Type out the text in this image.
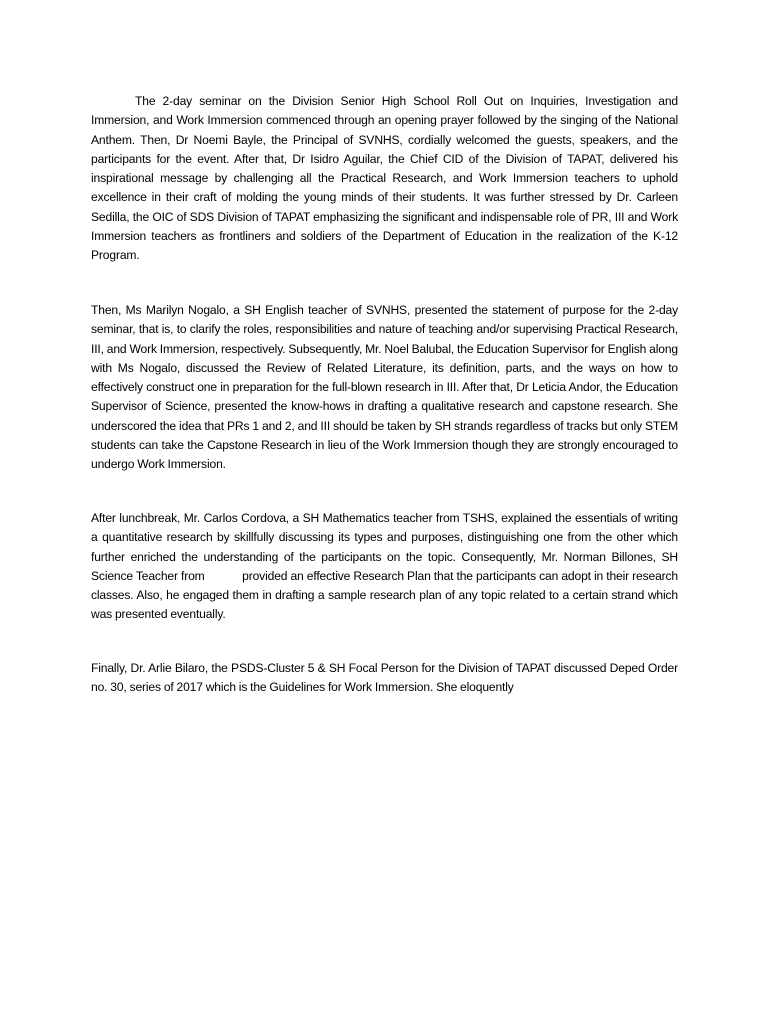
The 2-day seminar on the Division Senior High School Roll Out on Inquiries, Investigation and Immersion, and Work Immersion commenced through an opening prayer followed by the singing of the National Anthem. Then, Dr Noemi Bayle, the Principal of SVNHS, cordially welcomed the guests, speakers, and the participants for the event. After that, Dr Isidro Aguilar, the Chief CID of the Division of TAPAT, delivered his inspirational message by challenging all the Practical Research, and Work Immersion teachers to uphold excellence in their craft of molding the young minds of their students. It was further stressed by Dr. Carleen Sedilla, the OIC of SDS Division of TAPAT emphasizing the significant and indispensable role of PR, III and Work Immersion teachers as frontliners and soldiers of the Department of Education in the realization of the K-12 Program.

Then, Ms Marilyn Nogalo, a SH English teacher of SVNHS, presented the statement of purpose for the 2-day seminar, that is, to clarify the roles, responsibilities and nature of teaching and/or supervising Practical Research, III, and Work Immersion, respectively. Subsequently, Mr. Noel Balubal, the Education Supervisor for English along with Ms Nogalo, discussed the Review of Related Literature, its definition, parts, and the ways on how to effectively construct one in preparation for the full-blown research in III. After that, Dr Leticia Andor, the Education Supervisor of Science, presented the know-hows in drafting a qualitative research and capstone research. She underscored the idea that PRs 1 and 2, and III should be taken by SH strands regardless of tracks but only STEM students can take the Capstone Research in lieu of the Work Immersion though they are strongly encouraged to undergo Work Immersion.

After lunchbreak, Mr. Carlos Cordova, a SH Mathematics teacher from TSHS, explained the essentials of writing a quantitative research by skillfully discussing its types and purposes, distinguishing one from the other which further enriched the understanding of the participants on the topic. Consequently, Mr. Norman Billones, SH Science Teacher from            provided an effective Research Plan that the participants can adopt in their research classes. Also, he engaged them in drafting a sample research plan of any topic related to a certain strand which was presented eventually.

Finally, Dr. Arlie Bilaro, the PSDS-Cluster 5 & SH Focal Person for the Division of TAPAT discussed Deped Order no. 30, series of 2017 which is the Guidelines for Work Immersion. She eloquently
